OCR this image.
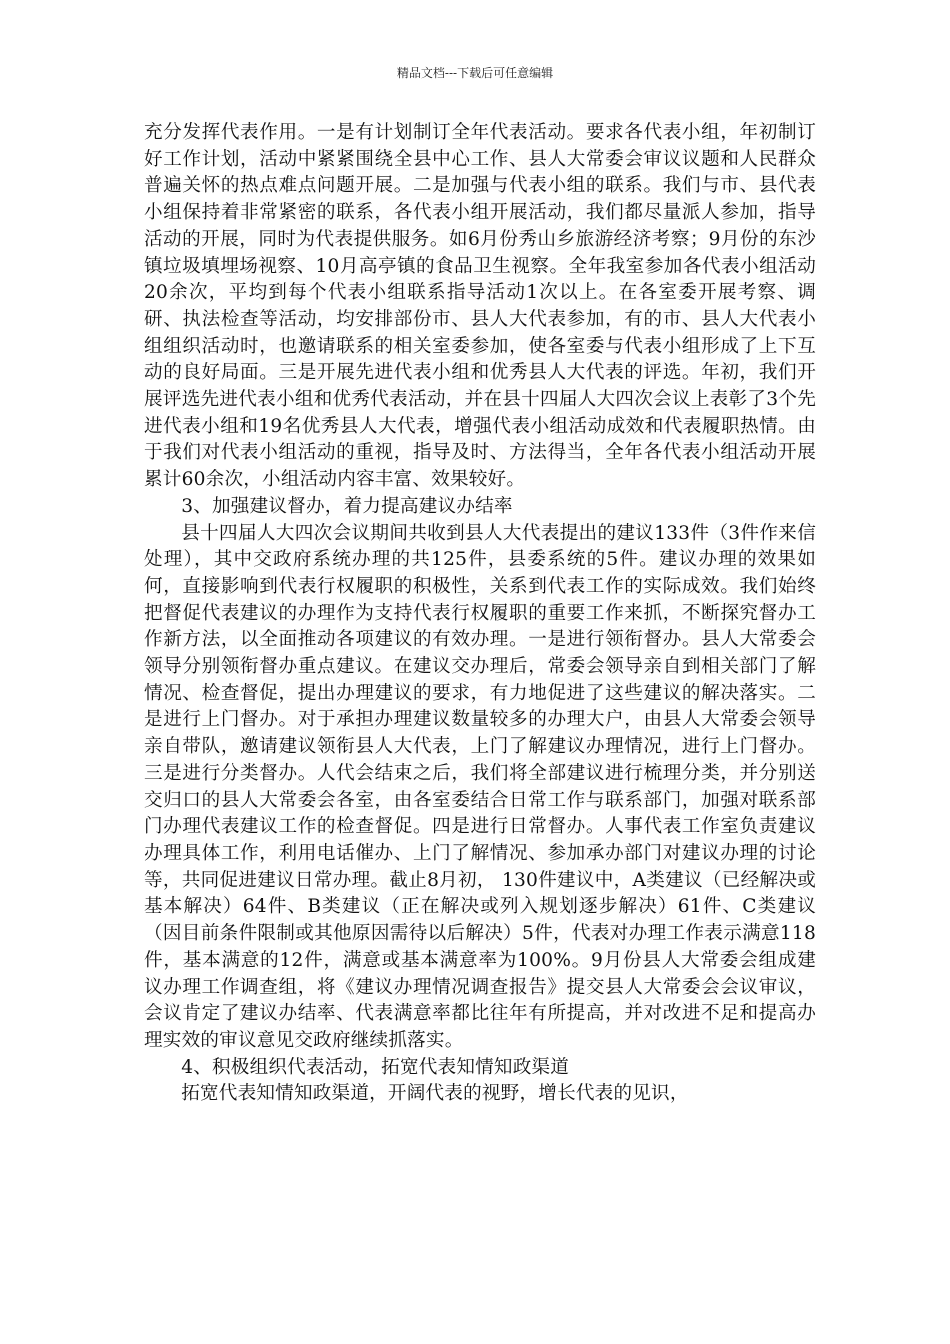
精品文档---下载后可任意编辑

充分发挥代表作用。一是有计划制订全年代表活动。要求各代表小组，年初制订好工作计划，活动中紧紧围绕全县中心工作、县人大常委会审议议题和人民群众普遍关怀的热点难点问题开展。二是加强与代表小组的联系。我们与市、县代表小组保持着非常紧密的联系，各代表小组开展活动，我们都尽量派人参加，指导活动的开展，同时为代表提供服务。如6月份秀山乡旅游经济考察；9月份的东沙镇垃圾填埋场视察、10月高亭镇的食品卫生视察。全年我室参加各代表小组活动20余次，平均到每个代表小组联系指导活动1次以上。在各室委开展考察、调研、执法检查等活动，均安排部份市、县人大代表参加，有的市、县人大代表小组组织活动时，也邀请联系的相关室委参加，使各室委与代表小组形成了上下互动的良好局面。三是开展先进代表小组和优秀县人大代表的评选。年初，我们开展评选先进代表小组和优秀代表活动，并在县十四届人大四次会议上表彰了3个先进代表小组和19名优秀县人大代表，增强代表小组活动成效和代表履职热情。由于我们对代表小组活动的重视，指导及时、方法得当，全年各代表小组活动开展累计60余次，小组活动内容丰富、效果较好。

3、加强建议督办，着力提高建议办结率

县十四届人大四次会议期间共收到县人大代表提出的建议133件（3件作来信处理），其中交政府系统办理的共125件，县委系统的5件。建议办理的效果如何，直接影响到代表行权履职的积极性，关系到代表工作的实际成效。我们始终把督促代表建议的办理作为支持代表行权履职的重要工作来抓，不断探究督办工作新方法，以全面推动各项建议的有效办理。一是进行领衔督办。县人大常委会领导分别领衔督办重点建议。在建议交办理后，常委会领导亲自到相关部门了解情况、检查督促，提出办理建议的要求，有力地促进了这些建议的解决落实。二是进行上门督办。对于承担办理建议数量较多的办理大户，由县人大常委会领导亲自带队，邀请建议领衔县人大代表，上门了解建议办理情况，进行上门督办。三是进行分类督办。人代会结束之后，我们将全部建议进行梳理分类，并分别送交归口的县人大常委会各室，由各室委结合日常工作与联系部门，加强对联系部门办理代表建议工作的检查督促。四是进行日常督办。人事代表工作室负责建议办理具体工作，利用电话催办、上门了解情况、参加承办部门对建议办理的讨论等，共同促进建议日常办理。截止8月初， 130件建议中，A类建议（已经解决或基本解决）64件、B类建议（正在解决或列入规划逐步解决）61件、C类建议（因目前条件限制或其他原因需待以后解决）5件，代表对办理工作表示满意118件，基本满意的12件，满意或基本满意率为100%。9月份县人大常委会组成建议办理工作调查组，将《建议办理情况调查报告》提交县人大常委会会议审议，会议肯定了建议办结率、代表满意率都比往年有所提高，并对改进不足和提高办理实效的审议意见交政府继续抓落实。

4、积极组织代表活动，拓宽代表知情知政渠道

拓宽代表知情知政渠道，开阔代表的视野，增长代表的见识，
